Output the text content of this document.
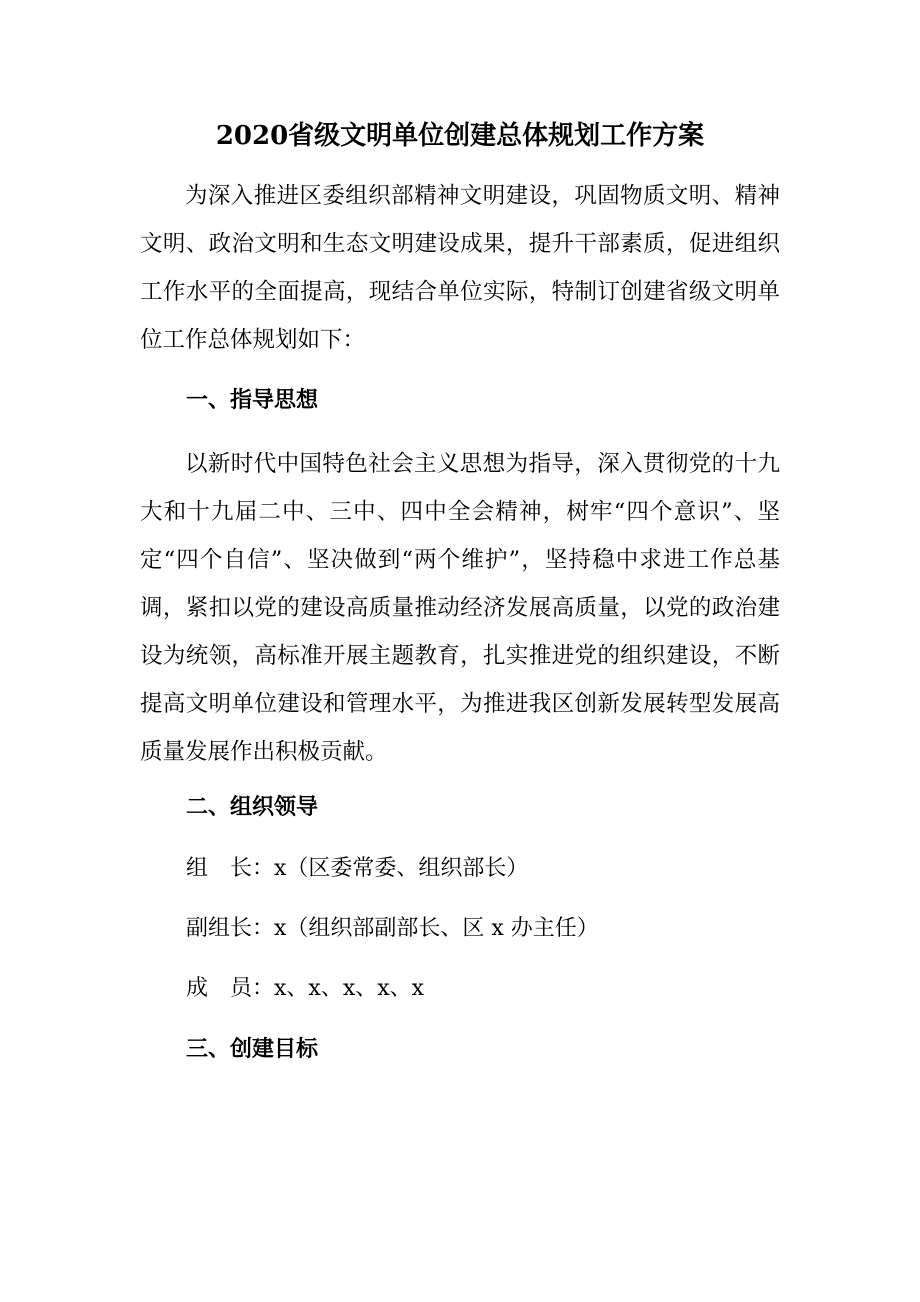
2020省级文明单位创建总体规划工作方案

为深入推进区委组织部精神文明建设，巩固物质文明、精神文明、政治文明和生态文明建设成果，提升干部素质，促进组织工作水平的全面提高，现结合单位实际，特制订创建省级文明单位工作总体规划如下：

一、指导思想

以新时代中国特色社会主义思想为指导，深入贯彻党的十九大和十九届二中、三中、四中全会精神，树牢“四个意识”、坚定“四个自信”、坚决做到“两个维护”，坚持稳中求进工作总基调，紧扣以党的建设高质量推动经济发展高质量，以党的政治建设为统领，高标准开展主题教育，扎实推进党的组织建设，不断提高文明单位建设和管理水平，为推进我区创新发展转型发展高质量发展作出积极贡献。

二、组织领导

组　长：x（区委常委、组织部长）

副组长：x（组织部副部长、区 x 办主任）

成　员：x、x、x、x、x

三、创建目标
